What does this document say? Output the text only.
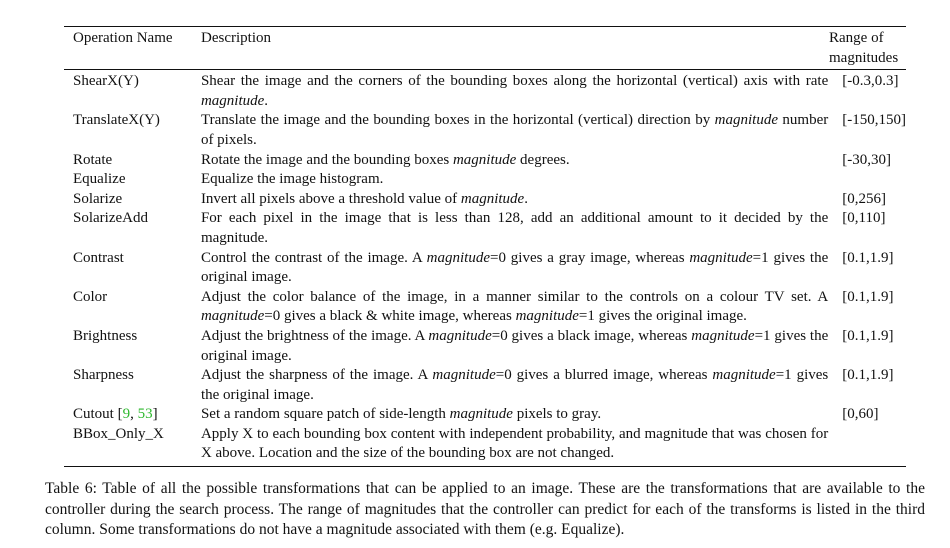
Operation Name	Description	Range of
magnitudes
ShearX(Y)	Shear the image and the corners of the bounding boxes along the horizontal (vertical) axis with rate magnitude.	[-0.3,0.3]
TranslateX(Y)	Translate the image and the bounding boxes in the horizontal (vertical) direction by magnitude number of pixels.	[-150,150]
Rotate	Rotate the image and the bounding boxes magnitude degrees.	[-30,30]
Equalize	Equalize the image histogram.	
Solarize	Invert all pixels above a threshold value of magnitude.	[0,256]
SolarizeAdd	For each pixel in the image that is less than 128, add an additional amount to it decided by the magnitude.	[0,110]
Contrast	Control the contrast of the image. A magnitude=0 gives a gray image, whereas magnitude=1 gives the original image.	[0.1,1.9]
Color	Adjust the color balance of the image, in a manner similar to the controls on a colour TV set. A magnitude=0 gives a black & white image, whereas magnitude=1 gives the original image.	[0.1,1.9]
Brightness	Adjust the brightness of the image. A magnitude=0 gives a black image, whereas magnitude=1 gives the original image.	[0.1,1.9]
Sharpness	Adjust the sharpness of the image. A magnitude=0 gives a blurred image, whereas magnitude=1 gives the original image.	[0.1,1.9]
Cutout [9, 53]	Set a random square patch of side-length magnitude pixels to gray.	[0,60]
BBox_Only_X	Apply X to each bounding box content with independent probability, and magnitude that was chosen for X above. Location and the size of the bounding box are not changed.	
Table 6: Table of all the possible transformations that can be applied to an image. These are the transformations that are available to the controller during the search process. The range of magnitudes that the controller can predict for each of the transforms is listed in the third column. Some transformations do not have a magnitude associated with them (e.g. Equalize).
